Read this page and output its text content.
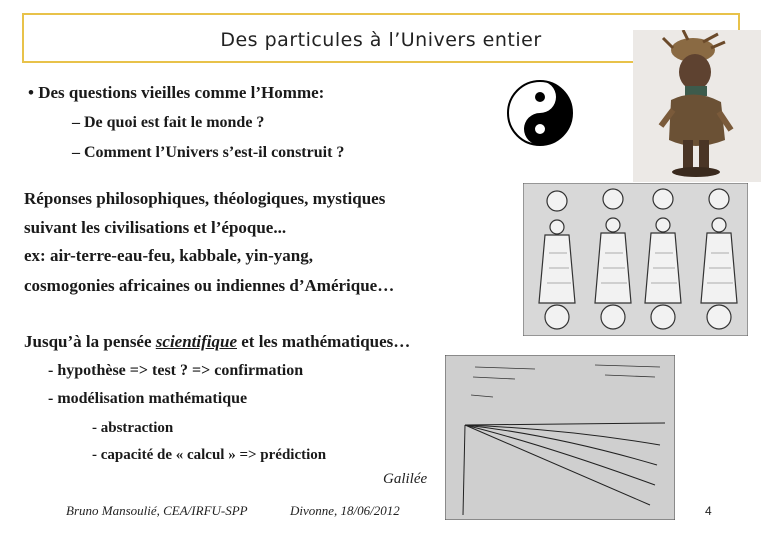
Des particules à l’Univers entier
• Des questions vieilles comme l’Homme:
– De quoi est fait le monde ?
– Comment l’Univers s’est-il construit ?
Réponses philosophiques, théologiques, mystiques
suivant les civilisations et l’époque...
ex: air-terre-eau-feu, kabbale, yin-yang,
cosmogonies africaines ou indiennes d’Amérique…
Jusqu’à la pensée scientifique et les mathématiques…
- hypothèse => test ? => confirmation
- modélisation mathématique
- abstraction
- capacité de « calcul » => prédiction
Galilée
Bruno Mansoulié, CEA/IRFU-SPP	Divonne, 18/06/2012	4
